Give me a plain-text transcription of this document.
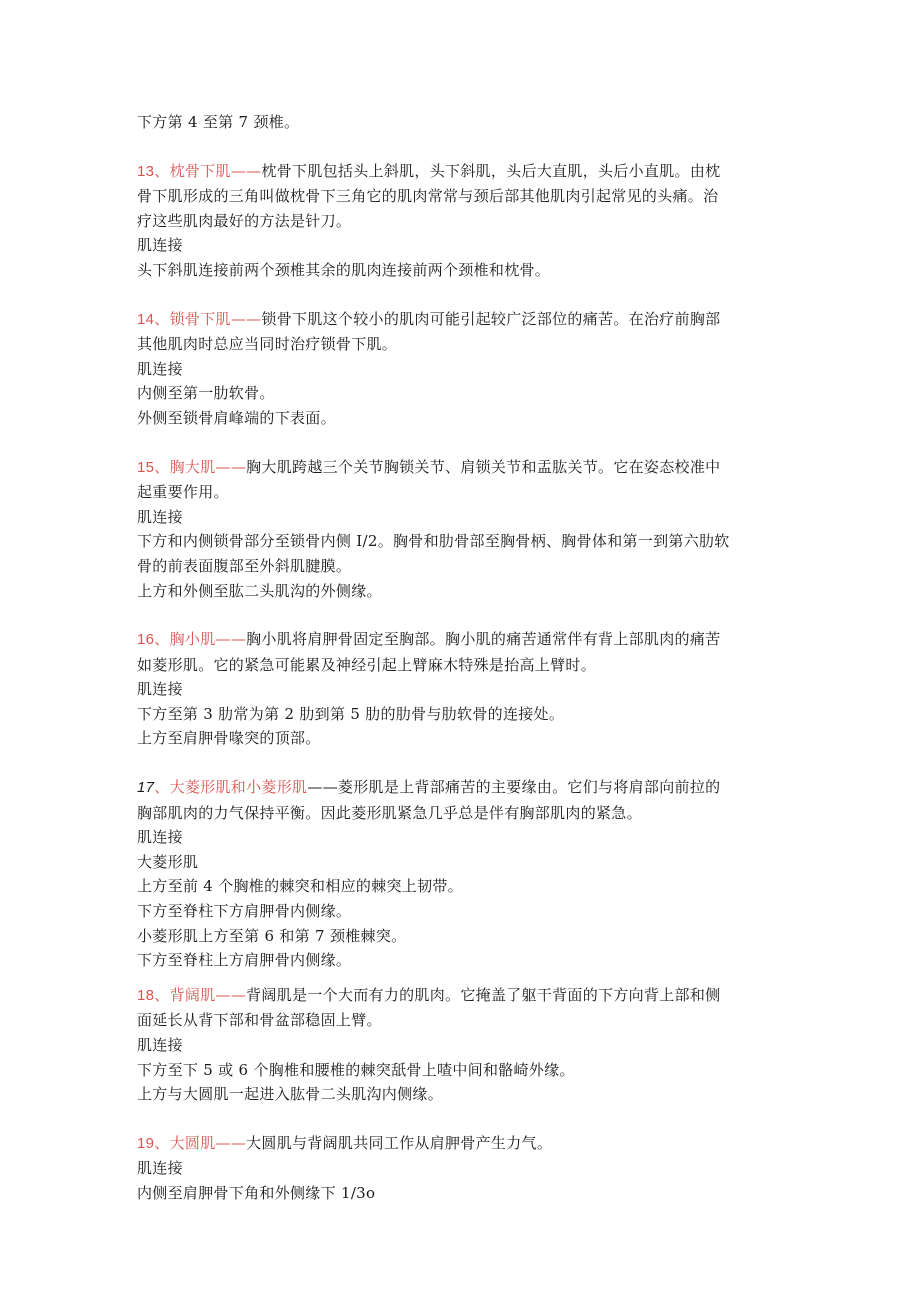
下方第 4 至第 7 颈椎。
13、枕骨下肌——枕骨下肌包括头上斜肌，头下斜肌，头后大直肌，头后小直肌。由枕
骨下肌形成的三角叫做枕骨下三角它的肌肉常常与颈后部其他肌肉引起常见的头痛。治
疗这些肌肉最好的方法是针刀。
肌连接
头下斜肌连接前两个颈椎其余的肌肉连接前两个颈椎和枕骨。
14、锁骨下肌——锁骨下肌这个较小的肌肉可能引起较广泛部位的痛苦。在治疗前胸部
其他肌肉时总应当同时治疗锁骨下肌。
肌连接
内侧至第一肋软骨。
外侧至锁骨肩峰端的下表面。
15、胸大肌——胸大肌跨越三个关节胸锁关节、肩锁关节和盂肱关节。它在姿态校准中
起重要作用。
肌连接
下方和内侧锁骨部分至锁骨内侧 I/2。胸骨和肋骨部至胸骨柄、胸骨体和第一到第六肋软
骨的前表面腹部至外斜肌腱膜。
上方和外侧至肱二头肌沟的外侧缘。
16、胸小肌——胸小肌将肩胛骨固定至胸部。胸小肌的痛苦通常伴有背上部肌肉的痛苦
如菱形肌。它的紧急可能累及神经引起上臂麻木特殊是抬高上臂时。
肌连接
下方至第 3 肋常为第 2 肋到第 5 肋的肋骨与肋软骨的连接处。
上方至肩胛骨喙突的顶部。
17、大菱形肌和小菱形肌——菱形肌是上背部痛苦的主要缘由。它们与将肩部向前拉的
胸部肌肉的力气保持平衡。因此菱形肌紧急几乎总是伴有胸部肌肉的紧急。
肌连接
大菱形肌
上方至前 4 个胸椎的棘突和相应的棘突上韧带。
下方至脊柱下方肩胛骨内侧缘。
小菱形肌上方至第 6 和第 7 颈椎棘突。
下方至脊柱上方肩胛骨内侧缘。
18、背阔肌——背阔肌是一个大而有力的肌肉。它掩盖了躯干背面的下方向背上部和侧
面延长从背下部和骨盆部稳固上臂。
肌连接
下方至下 5 或 6 个胸椎和腰椎的棘突舐骨上喳中间和骼崎外缘。
上方与大圆肌一起进入肱骨二头肌沟内侧缘。
19、大圆肌——大圆肌与背阔肌共同工作从肩胛骨产生力气。
肌连接
内侧至肩胛骨下角和外侧缘下 1/3o
